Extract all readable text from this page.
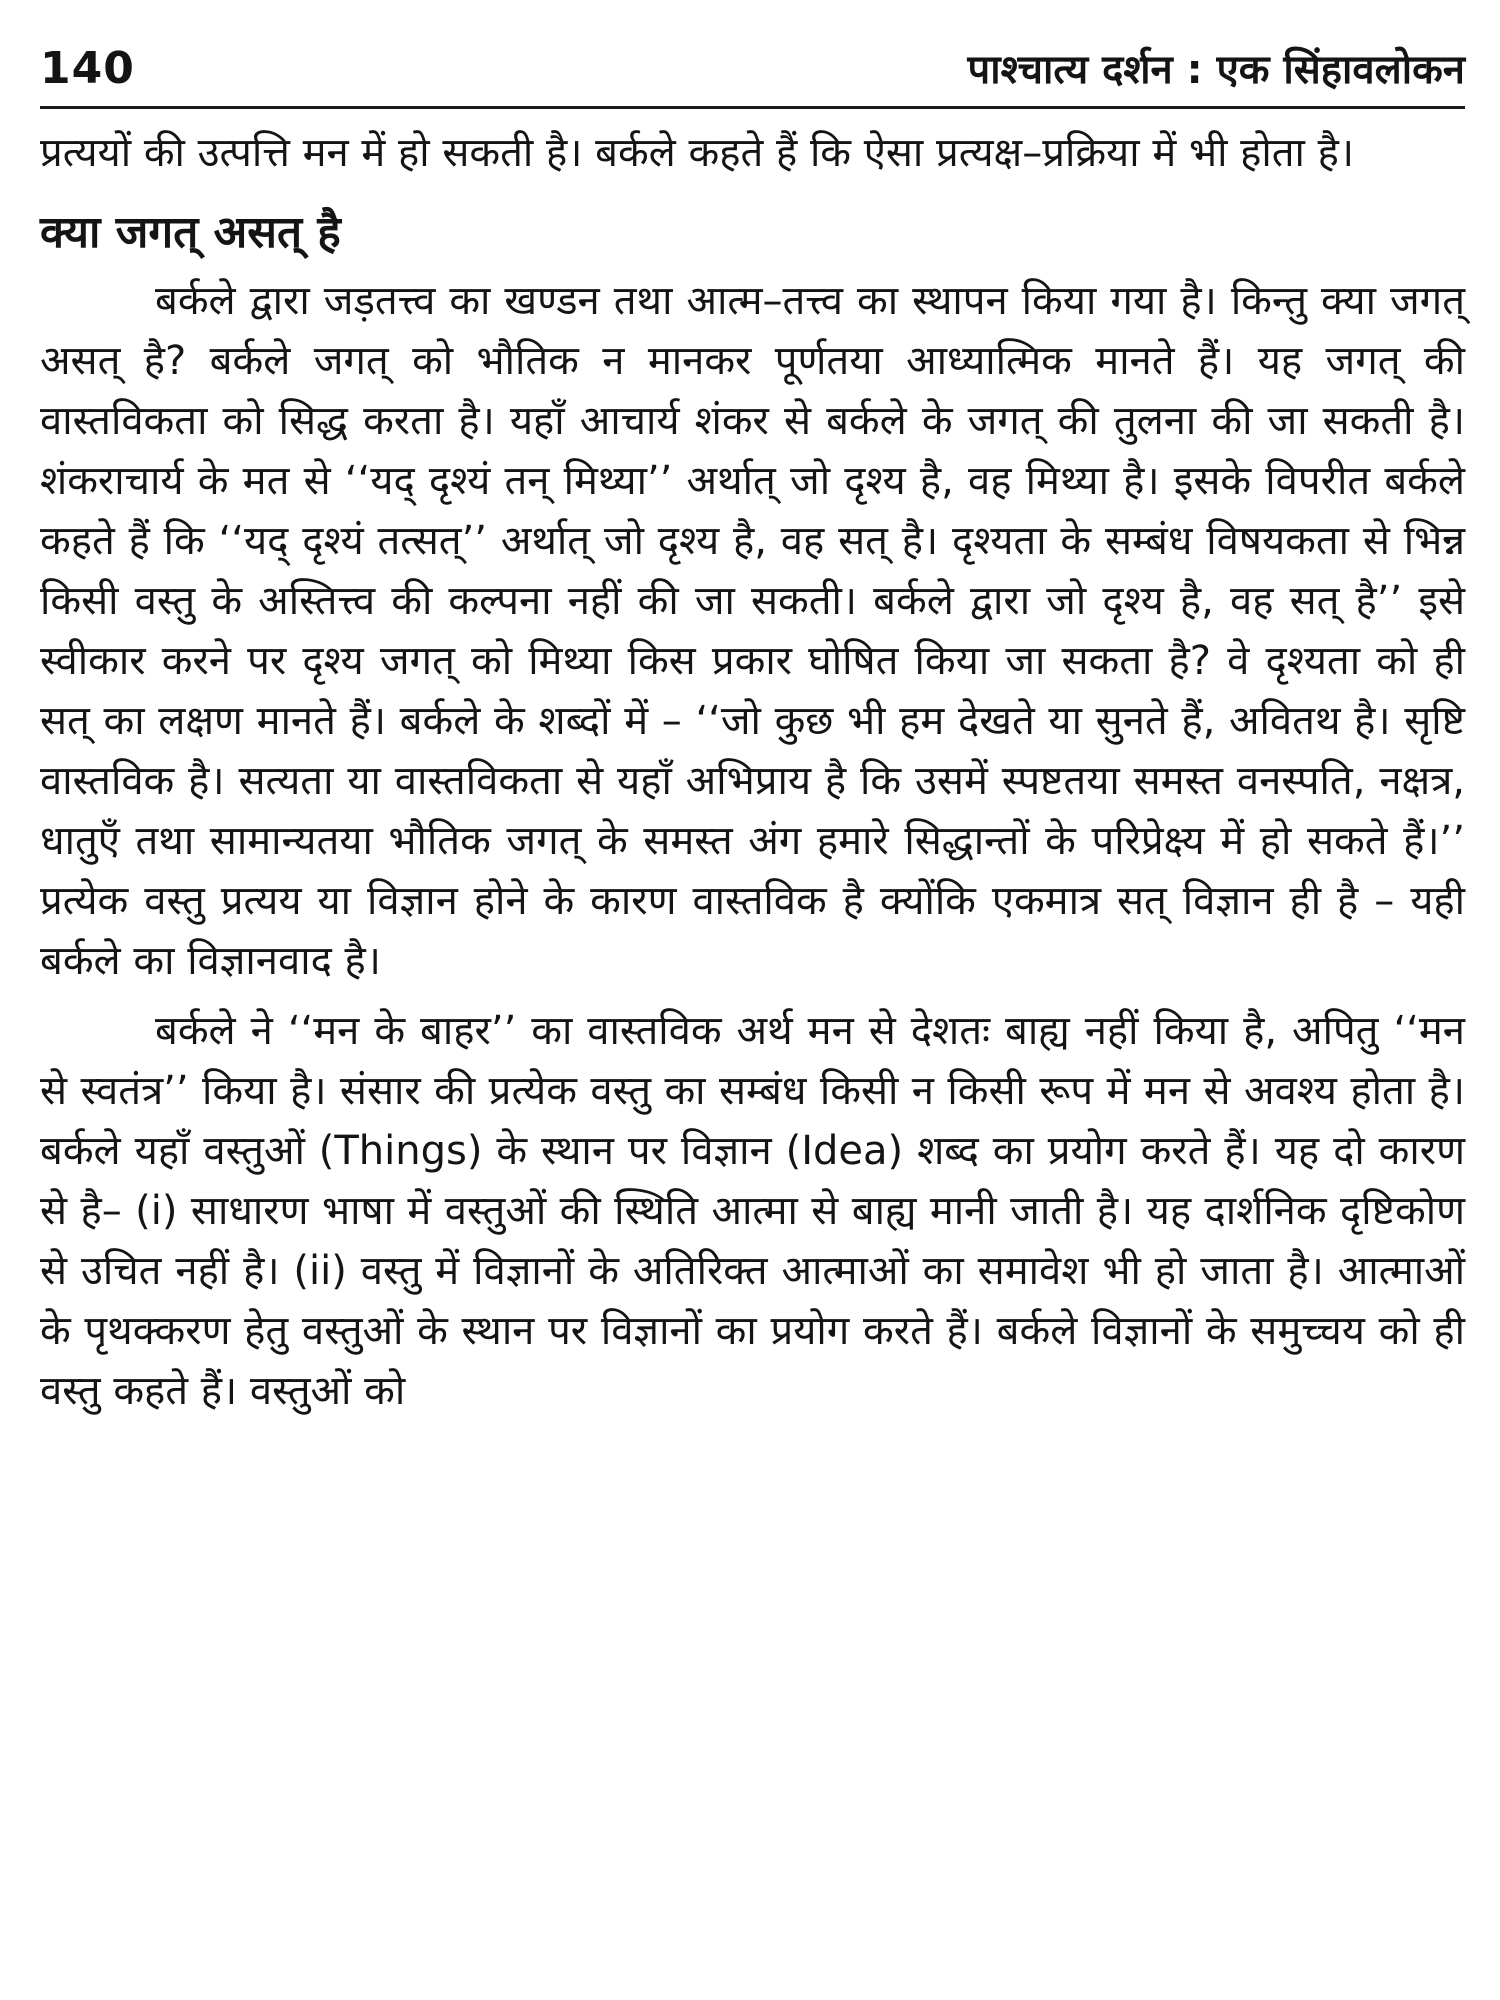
140	पाश्चात्य दर्शन : एक सिंहावलोकन

प्रत्ययों की उत्पत्ति मन में हो सकती है। बर्कले कहते हैं कि ऐसा प्रत्यक्ष–प्रक्रिया में भी होता है।

क्या जगत् असत् है

बर्कले द्वारा जड़तत्त्व का खण्डन तथा आत्म–तत्त्व का स्थापन किया गया है। किन्तु क्या जगत् असत् है? बर्कले जगत् को भौतिक न मानकर पूर्णतया आध्यात्मिक मानते हैं। यह जगत् की वास्तविकता को सिद्ध करता है। यहाँ आचार्य शंकर से बर्कले के जगत् की तुलना की जा सकती है। शंकराचार्य के मत से ‘‘यद् दृश्यं तन् मिथ्या’’ अर्थात् जो दृश्य है, वह मिथ्या है। इसके विपरीत बर्कले कहते हैं कि ‘‘यद् दृश्यं तत्सत्’’ अर्थात् जो दृश्य है, वह सत् है। दृश्यता के सम्बंध विषयकता से भिन्न किसी वस्तु के अस्तित्त्व की कल्पना नहीं की जा सकती। बर्कले द्वारा जो दृश्य है, वह सत् है’’ इसे स्वीकार करने पर दृश्य जगत् को मिथ्या किस प्रकार घोषित किया जा सकता है? वे दृश्यता को ही सत् का लक्षण मानते हैं। बर्कले के शब्दों में – ‘‘जो कुछ भी हम देखते या सुनते हैं, अवितथ है। सृष्टि वास्तविक है। सत्यता या वास्तविकता से यहाँ अभिप्राय है कि उसमें स्पष्टतया समस्त वनस्पति, नक्षत्र, धातुएँ तथा सामान्यतया भौतिक जगत् के समस्त अंग हमारे सिद्धान्तों के परिप्रेक्ष्य में हो सकते हैं।’’ प्रत्येक वस्तु प्रत्यय या विज्ञान होने के कारण वास्तविक है क्योंकि एकमात्र सत् विज्ञान ही है – यही बर्कले का विज्ञानवाद है।

बर्कले ने ‘‘मन के बाहर’’ का वास्तविक अर्थ मन से देशतः बाह्य नहीं किया है, अपितु ‘‘मन से स्वतंत्र’’ किया है। संसार की प्रत्येक वस्तु का सम्बंध किसी न किसी रूप में मन से अवश्य होता है। बर्कले यहाँ वस्तुओं (Things) के स्थान पर विज्ञान (Idea) शब्द का प्रयोग करते हैं। यह दो कारण से है– (i) साधारण भाषा में वस्तुओं की स्थिति आत्मा से बाह्य मानी जाती है। यह दार्शनिक दृष्टिकोण से उचित नहीं है। (ii) वस्तु में विज्ञानों के अतिरिक्त आत्माओं का समावेश भी हो जाता है। आत्माओं के पृथक्करण हेतु वस्तुओं के स्थान पर विज्ञानों का प्रयोग करते हैं। बर्कले विज्ञानों के समुच्चय को ही वस्तु कहते हैं। वस्तुओं को
